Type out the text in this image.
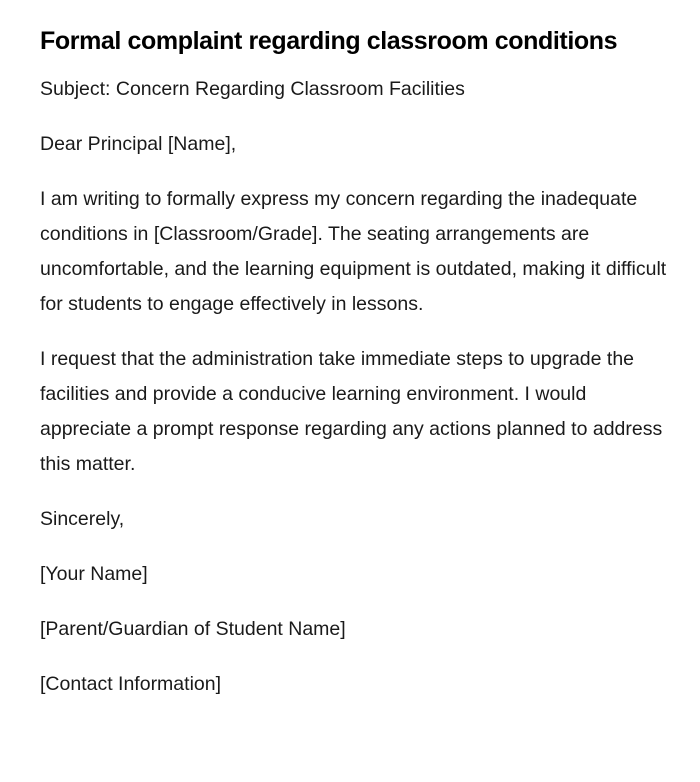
Formal complaint regarding classroom conditions

Subject: Concern Regarding Classroom Facilities

Dear Principal [Name],

I am writing to formally express my concern regarding the inadequate conditions in [Classroom/Grade]. The seating arrangements are uncomfortable, and the learning equipment is outdated, making it difficult for students to engage effectively in lessons.

I request that the administration take immediate steps to upgrade the facilities and provide a conducive learning environment. I would appreciate a prompt response regarding any actions planned to address this matter.

Sincerely,

[Your Name]

[Parent/Guardian of Student Name]

[Contact Information]
